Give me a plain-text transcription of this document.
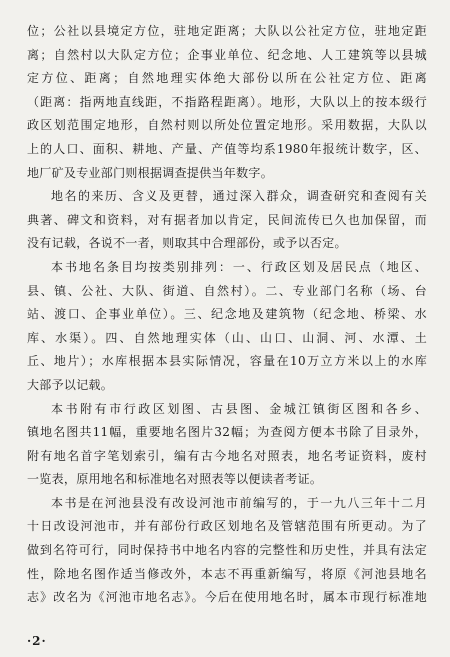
位；公社以县境定方位，驻地定距离；大队以公社定方位，驻地定距
离；自然村以大队定方位；企事业单位、纪念地、人工建筑等以县城
定方位、距离；自然地理实体绝大部份以所在公社定方位、距离
（距离：指两地直线距，不指路程距离）。地形，大队以上的按本级行
政区划范围定地形，自然村则以所处位置定地形。采用数据，大队以
上的人口、面积、耕地、产量、产值等均系1980年报统计数字，区、
地厂矿及专业部门则根据调查提供当年数字。
地名的来历、含义及更替，通过深入群众，调查研究和查阅有关
典著、碑文和资料，对有据者加以肯定，民间流传已久也加保留，而
没有记载，各说不一者，则取其中合理部份，或予以否定。
本书地名条目均按类别排列：一、行政区划及居民点（地区、
县、镇、公社、大队、街道、自然村）。二、专业部门名称（场、台
站、渡口、企事业单位）。三、纪念地及建筑物（纪念地、桥梁、水
库、水渠）。四、自然地理实体（山、山口、山洞、河、水潭、土
丘、地片）；水库根据本县实际情况，容量在10万立方米以上的水库
大部予以记载。
本书附有市行政区划图、古县图、金城江镇街区图和各乡、
镇地名图共11幅，重要地名图片32幅；为查阅方便本书除了目录外，
附有地名首字笔划索引，编有古今地名对照表，地名考证资料，废村
一览表，原用地名和标准地名对照表等以便读者考证。
本书是在河池县没有改设河池市前编写的，于一九八三年十二月
十日改设河池市，并有部份行政区划地名及管辖范围有所更动。为了
做到名符可行，同时保持书中地名内容的完整性和历史性，并具有法定
性，除地名图作适当修改外，本志不再重新编写，将原《河池县地名
志》改名为《河池市地名志》。今后在使用地名时，属本市现行标准地
·2·
